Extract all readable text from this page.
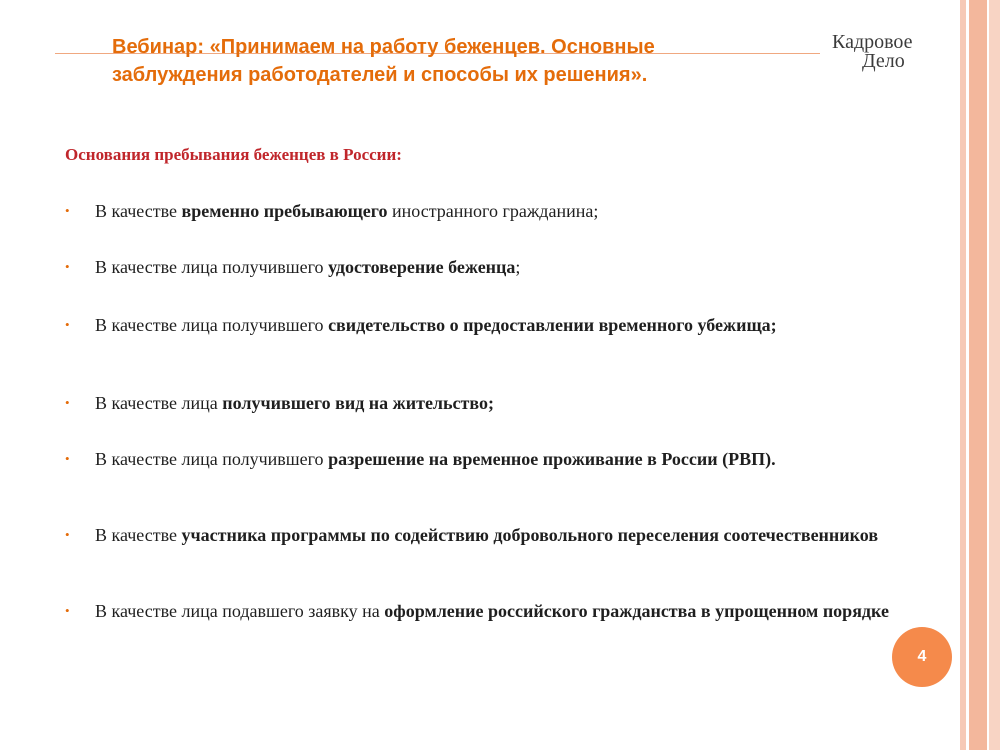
Вебинар: «Принимаем на работу беженцев. Основные
заблуждения работодателей и способы их решения».
Кадровое
Дело
Основания пребывания беженцев в России:
• В качестве временно пребывающего иностранного гражданина;
• В качестве лица получившего удостоверение беженца;
• В качестве лица получившего свидетельство о предоставлении временного убежища;
• В качестве лица получившего вид на жительство;
• В качестве лица получившего разрешение на временное проживание в России (РВП).
• В качестве участника программы по содействию добровольного переселения соотечественников
• В качестве лица подавшего заявку на оформление российского гражданства в упрощенном порядке
4
